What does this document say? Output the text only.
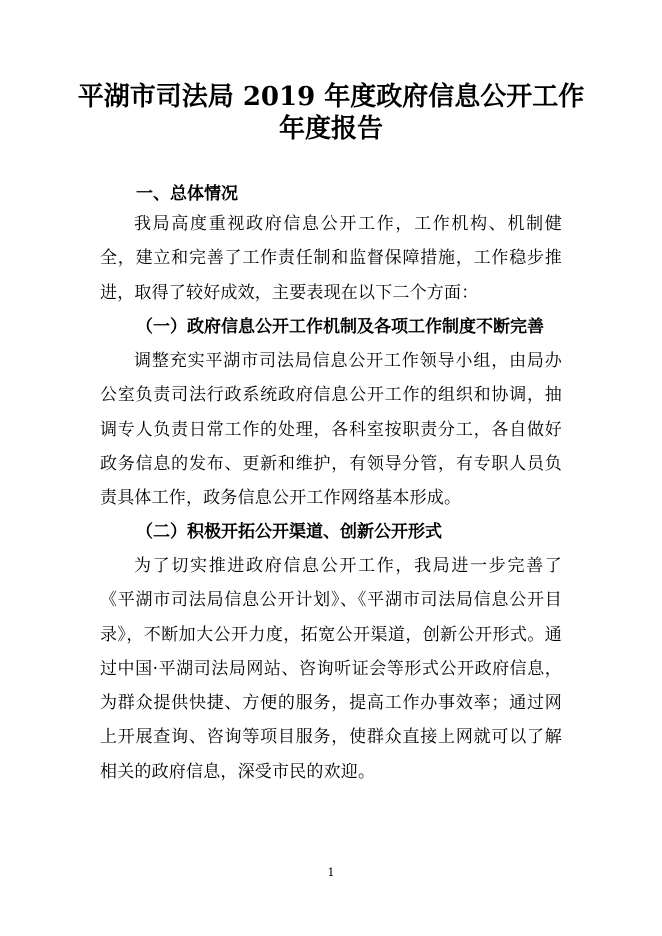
平湖市司法局 2019 年度政府信息公开工作
年度报告
一、总体情况

我局高度重视政府信息公开工作，工作机构、机制健全，建立和完善了工作责任制和监督保障措施，工作稳步推进，取得了较好成效，主要表现在以下二个方面：

（一）政府信息公开工作机制及各项工作制度不断完善

调整充实平湖市司法局信息公开工作领导小组，由局办公室负责司法行政系统政府信息公开工作的组织和协调，抽调专人负责日常工作的处理，各科室按职责分工，各自做好政务信息的发布、更新和维护，有领导分管，有专职人员负责具体工作，政务信息公开工作网络基本形成。

（二）积极开拓公开渠道、创新公开形式

为了切实推进政府信息公开工作，我局进一步完善了《平湖市司法局信息公开计划》、《平湖市司法局信息公开目录》，不断加大公开力度，拓宽公开渠道，创新公开形式。通过中国·平湖司法局网站、咨询听证会等形式公开政府信息，为群众提供快捷、方便的服务，提高工作办事效率；通过网上开展查询、咨询等项目服务，使群众直接上网就可以了解相关的政府信息，深受市民的欢迎。

1
